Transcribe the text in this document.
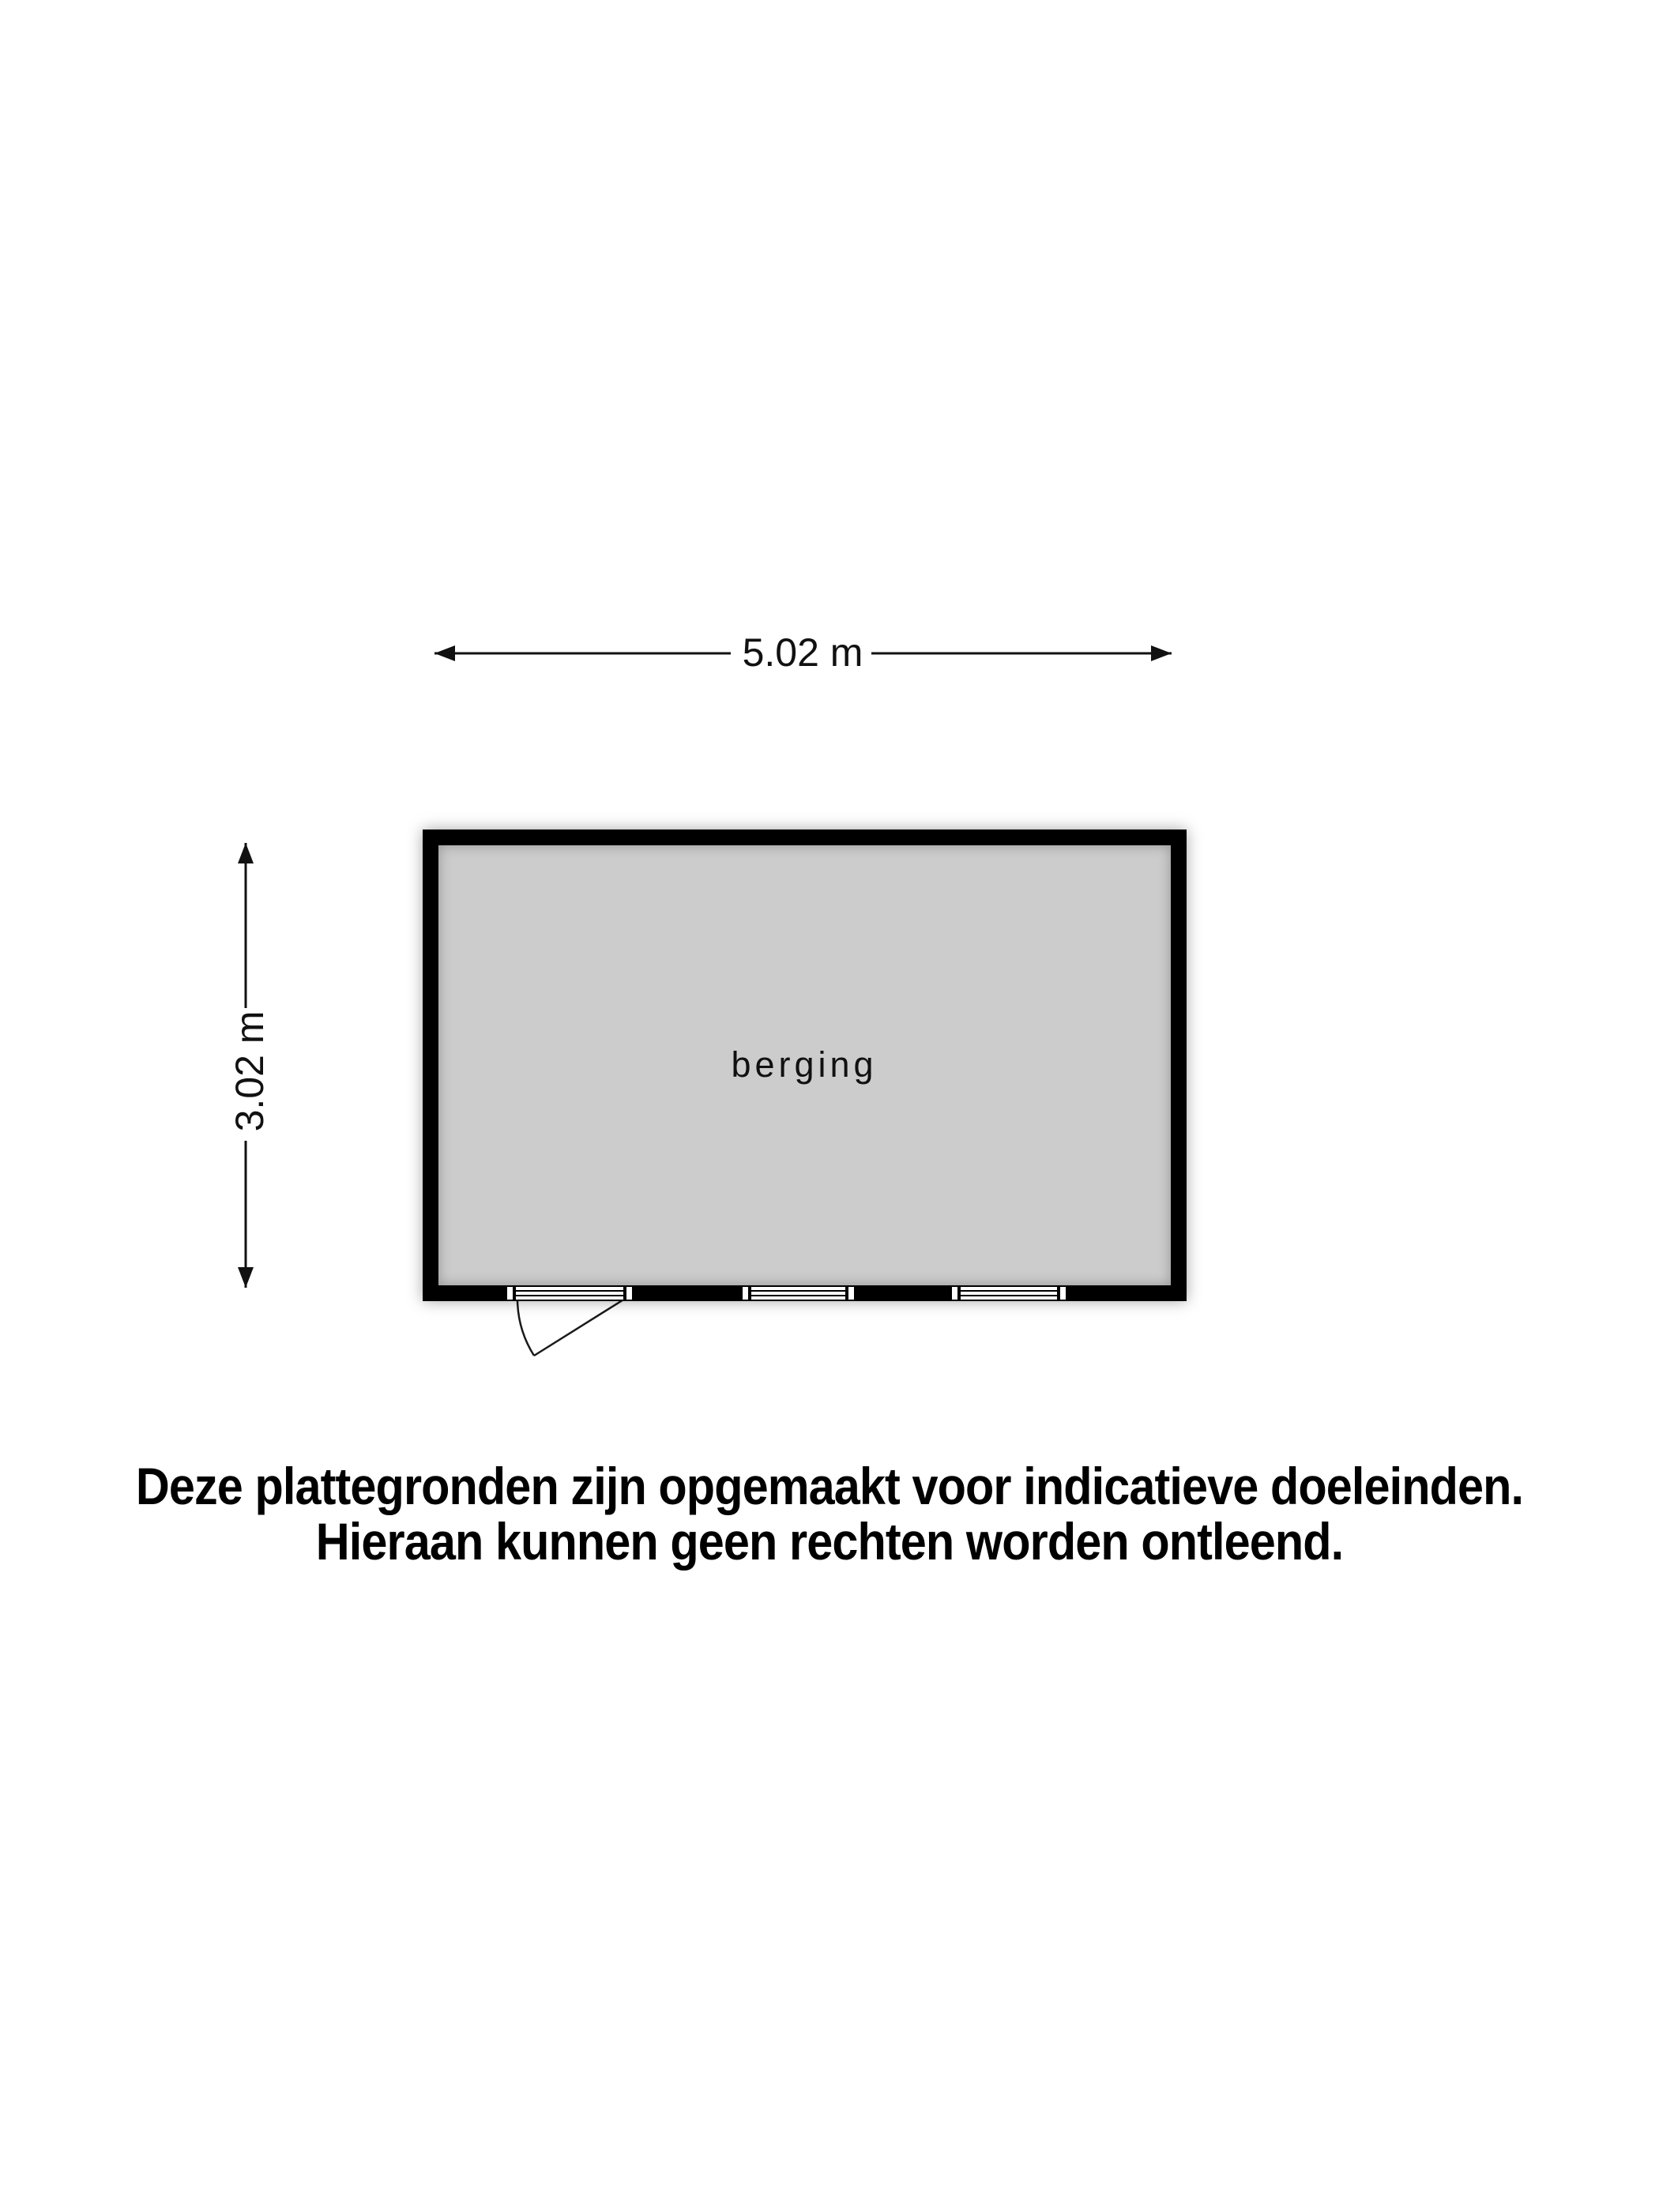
5.02 m
3.02 m	berging
Deze plattegronden zijn opgemaakt voor indicatieve doeleinden.
Hieraan kunnen geen rechten worden ontleend.
